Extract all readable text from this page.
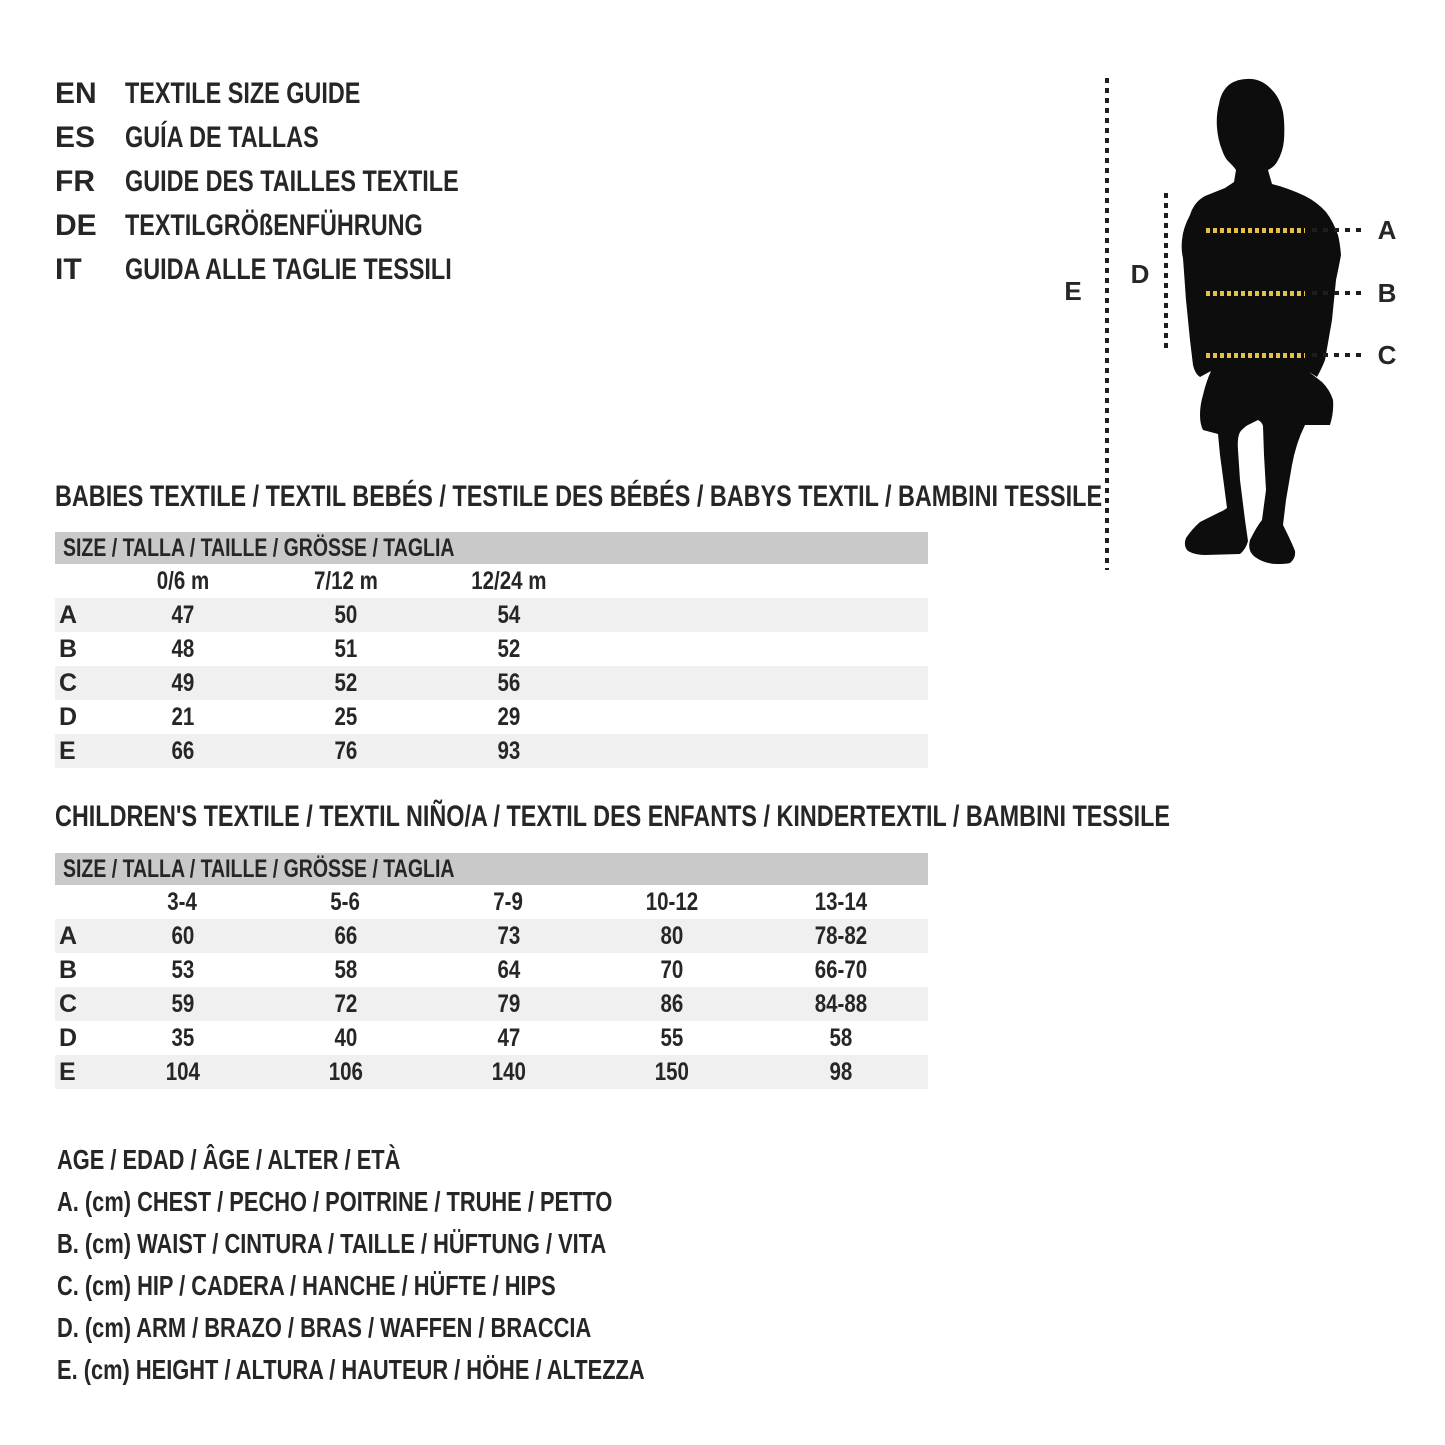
EN TEXTILE SIZE GUIDE
ES GUÍA DE TALLAS
FR	GUIDE DES TAILLES TEXTILE
DE TEXTILGRÖßENFÜHRUNG
IT	GUIDA ALLE TAGLIE TESSILI
A
B
C
D
E
BABIES TEXTILE / TEXTIL BEBÉS / TESTILE DES BÉBÉS / BABYS TEXTIL / BAMBINI TESSILE
SIZE / TALLA / TAILLE / GRÖSSE / TAGLIA
0/6 m	7/12 m	12/24 m
A	47	50	54
B	48	51	52
C	49	52	56
D	21	25	29
E	66	76	93
CHILDREN'S TEXTILE / TEXTIL NIÑO/A / TEXTIL DES ENFANTS / KINDERTEXTIL / BAMBINI TESSILE
SIZE / TALLA / TAILLE / GRÖSSE / TAGLIA
3-4	5-6	7-9	10-12	13-14
A	60	66	73	80	78-82
B	53	58	64	70	66-70
C	59	72	79	86	84-88
D	35	40	47	55	58
E	104	106	140	150	98
AGE / EDAD / ÂGE / ALTER / ETÀ
A. (cm) CHEST / PECHO / POITRINE / TRUHE / PETTO
B. (cm) WAIST / CINTURA / TAILLE / HÜFTUNG / VITA
C. (cm) HIP / CADERA / HANCHE / HÜFTE / HIPS
D. (cm) ARM / BRAZO / BRAS / WAFFEN / BRACCIA
E. (cm) HEIGHT / ALTURA / HAUTEUR / HÖHE / ALTEZZA
